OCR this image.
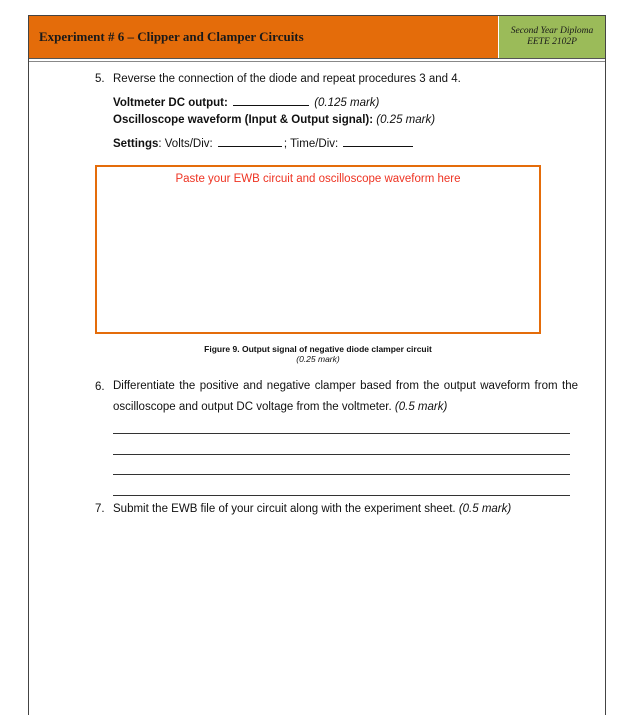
Experiment # 6 – Clipper and Clamper Circuits	Second Year Diploma
EETE 2102P
5. Reverse the connection of the diode and repeat procedures 3 and 4.
Voltmeter DC output:	(0.125 mark)
Oscilloscope waveform (Input & Output signal): (0.25 mark)
Settings: Volts/Div:	; Time/Div:
Paste your EWB circuit and oscilloscope waveform here
Figure 9. Output signal of negative diode clamper circuit
(0.25 mark)
6. Differentiate the positive and negative clamper based from the output waveform from the oscilloscope and output DC voltage from the voltmeter. (0.5 mark)
7. Submit the EWB file of your circuit along with the experiment sheet. (0.5 mark)
